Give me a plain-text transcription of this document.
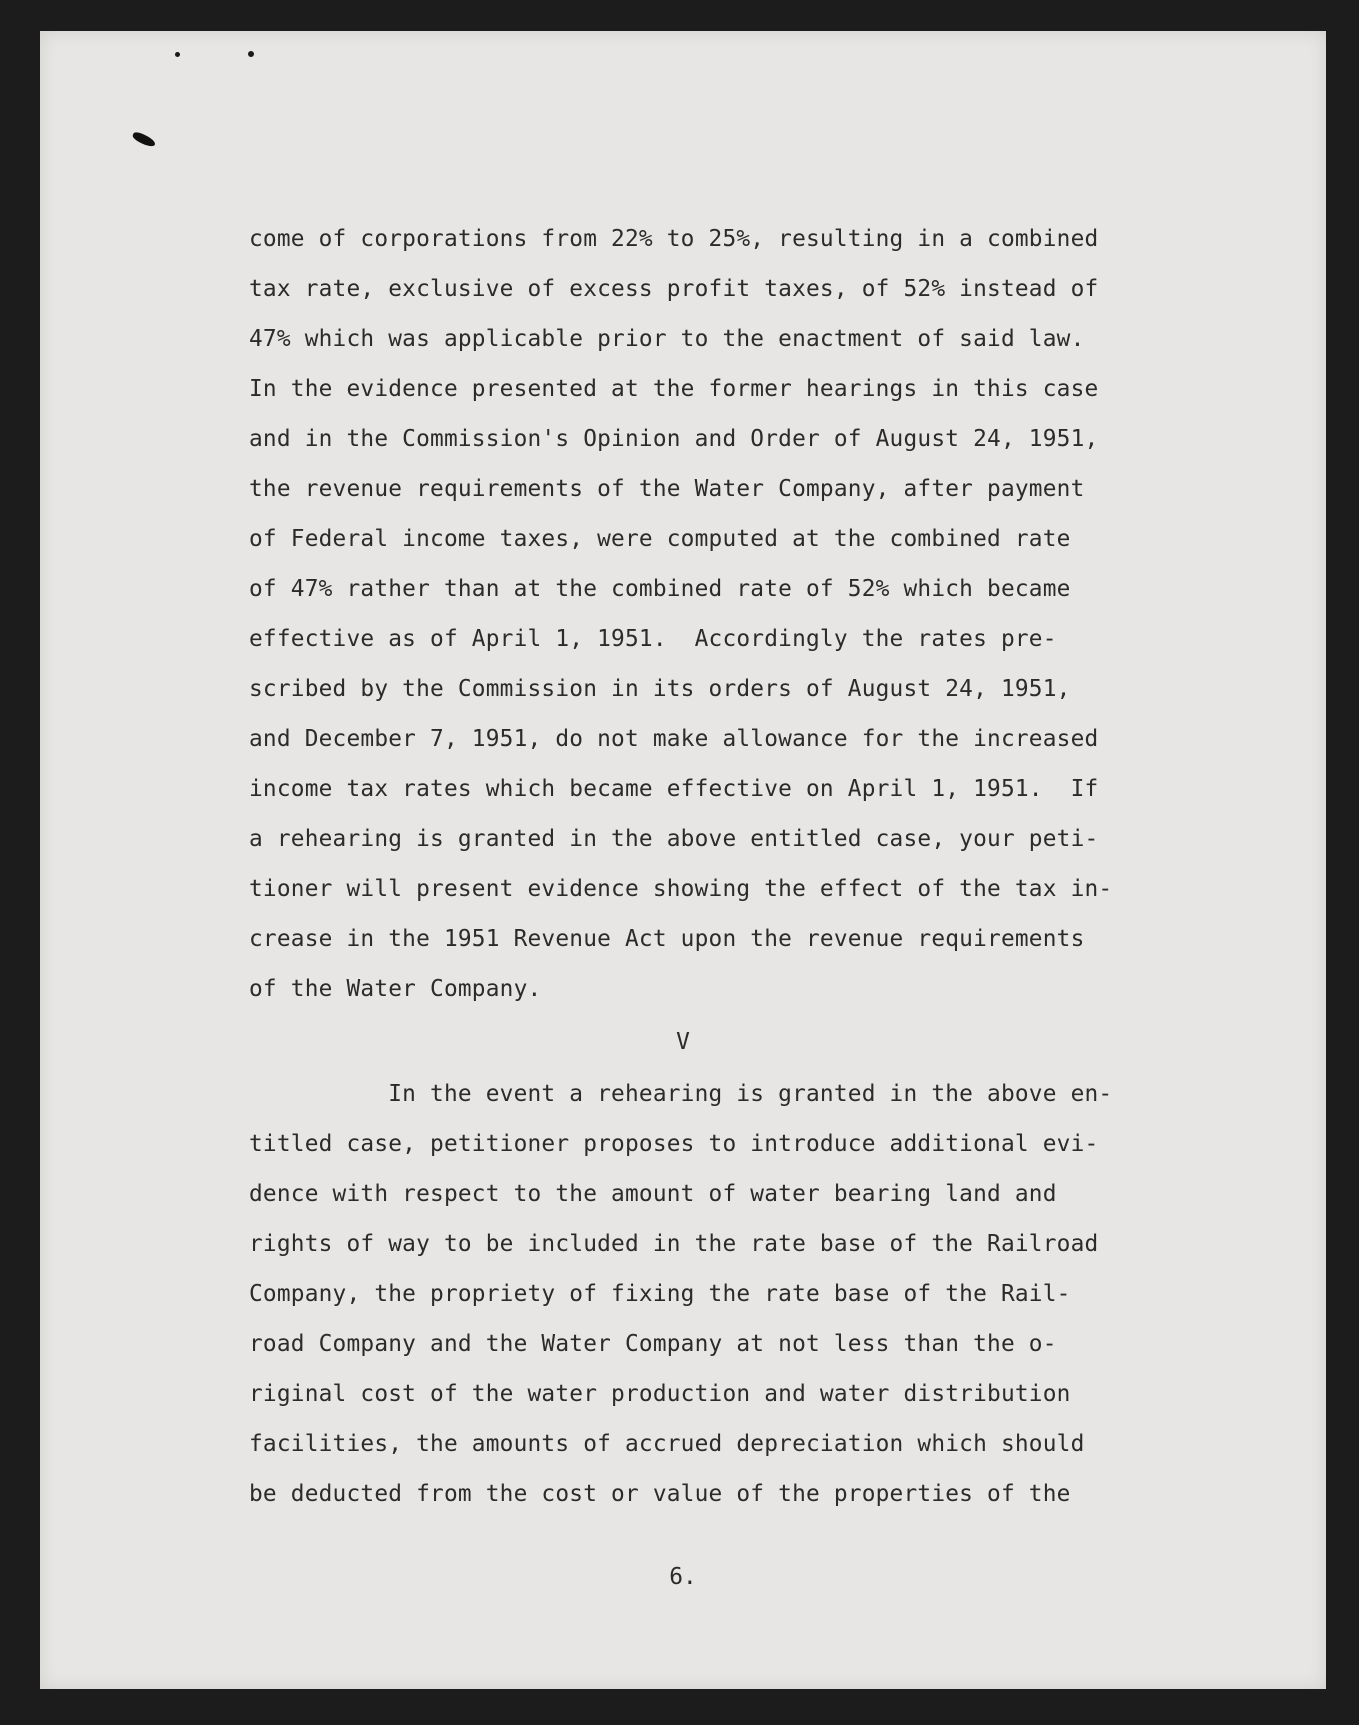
come of corporations from 22% to 25%, resulting in a combined

tax rate, exclusive of excess profit taxes, of 52% instead of

47% which was applicable prior to the enactment of said law.

In the evidence presented at the former hearings in this case

and in the Commission's Opinion and Order of August 24, 1951,

the revenue requirements of the Water Company, after payment

of Federal income taxes, were computed at the combined rate

of 47% rather than at the combined rate of 52% which became

effective as of April 1, 1951.  Accordingly the rates pre-

scribed by the Commission in its orders of August 24, 1951,

and December 7, 1951, do not make allowance for the increased

income tax rates which became effective on April 1, 1951.  If

a rehearing is granted in the above entitled case, your peti-

tioner will present evidence showing the effect of the tax in-

crease in the 1951 Revenue Act upon the revenue requirements

of the Water Company.

V

In the event a rehearing is granted in the above en-

titled case, petitioner proposes to introduce additional evi-

dence with respect to the amount of water bearing land and

rights of way to be included in the rate base of the Railroad

Company, the propriety of fixing the rate base of the Rail-

road Company and the Water Company at not less than the o-

riginal cost of the water production and water distribution

facilities, the amounts of accrued depreciation which should

be deducted from the cost or value of the properties of the

6.
